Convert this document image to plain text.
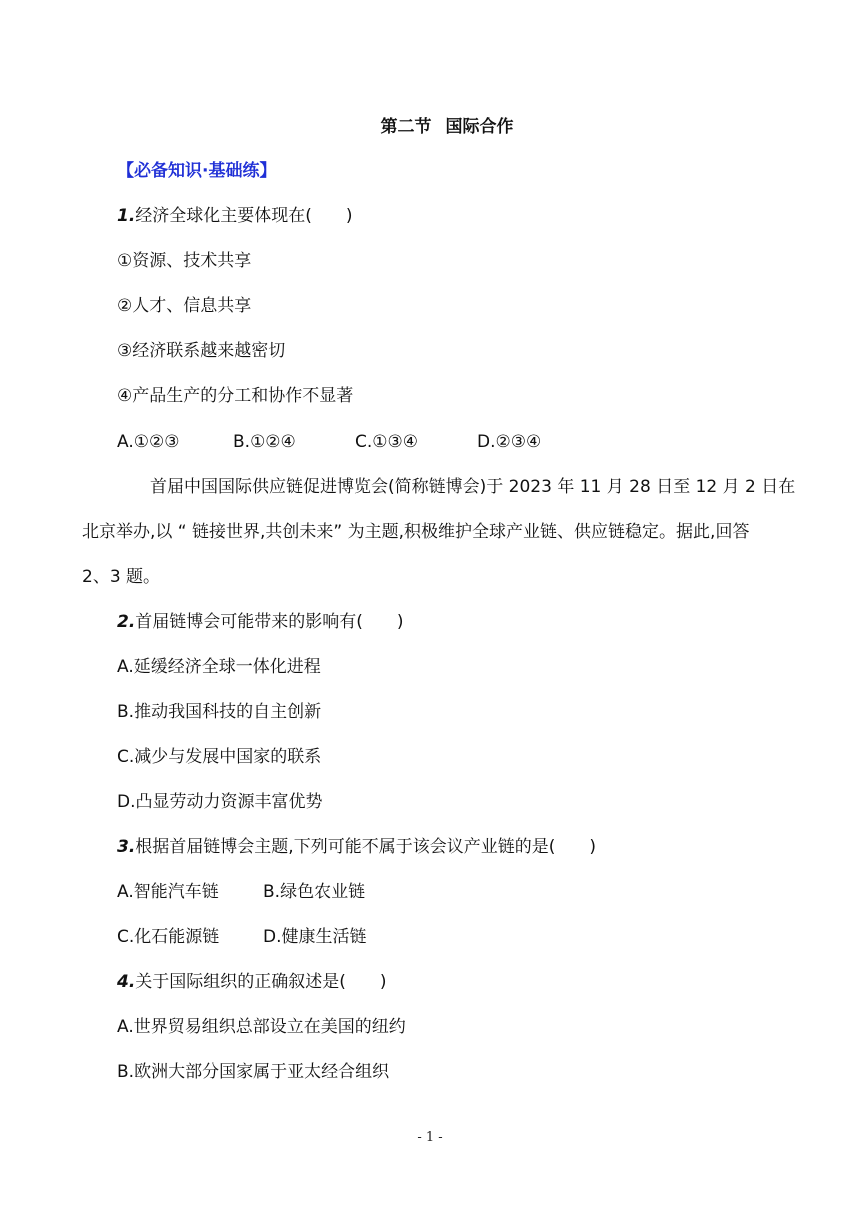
第二节 国际合作
【必备知识·基础练】
1.经济全球化主要体现在(　　)
①资源、技术共享
②人才、信息共享
③经济联系越来越密切
④产品生产的分工和协作不显著
A.①②③	B.①②④	C.①③④	D.②③④
首届中国国际供应链促进博览会(简称链博会)于 2023 年 11 月 28 日至 12 月 2 日在
北京举办,以 “ 链接世界,共创未来” 为主题,积极维护全球产业链、供应链稳定。据此,回答
2、3 题。
2.首届链博会可能带来的影响有(　　)
A.延缓经济全球一体化进程
B.推动我国科技的自主创新
C.减少与发展中国家的联系
D.凸显劳动力资源丰富优势
3.根据首届链博会主题,下列可能不属于该会议产业链的是(　　)
A.智能汽车链	B.绿色农业链
C.化石能源链	D.健康生活链
4.关于国际组织的正确叙述是(　　)
A.世界贸易组织总部设立在美国的纽约
B.欧洲大部分国家属于亚太经合组织
- 1 -
